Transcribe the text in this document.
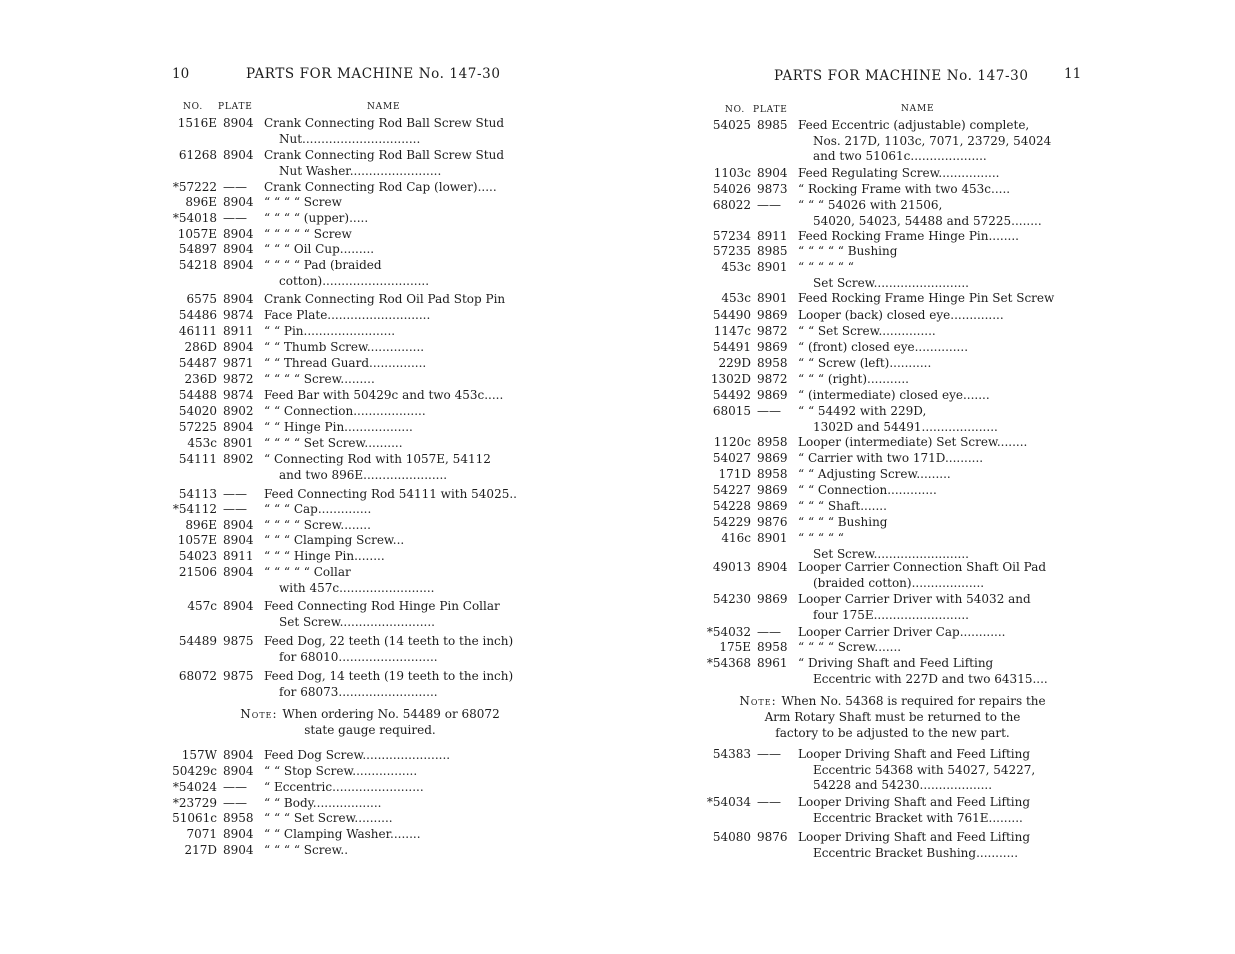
10	PARTS FOR MACHINE No. 147-30
NO. PLATE	NAME
1516E 8904 Crank Connecting Rod Ball Screw Stud
Nut...............................
61268 8904 Crank Connecting Rod Ball Screw Stud
Nut Washer........................
*57222 —— Crank Connecting Rod Cap (lower).....
896E 8904 “ “ “ “ Screw
*54018 —— “ “ “ “ (upper).....
1057E 8904 “ “ “ “ “ Screw
54897 8904 “ “ “ Oil Cup.........
54218 8904 “ “ “ “ Pad (braided
cotton)............................
6575 8904 Crank Connecting Rod Oil Pad Stop Pin
54486 9874 Face Plate...........................
46111 8911 “ “ Pin........................
286D 8904 “ “ Thumb Screw...............
54487 9871 “ “ Thread Guard...............
236D 9872 “ “ “ “ Screw.........
54488 9874 Feed Bar with 50429c and two 453c.....
54020 8902 “ “ Connection...................
57225 8904 “ “ Hinge Pin..................
453c 8901 “ “ “ “ Set Screw..........
54111 8902 “ Connecting Rod with 1057E, 54112
and two 896E......................
54113 —— Feed Connecting Rod 54111 with 54025..
*54112 —— “ “ “ Cap..............
896E 8904 “ “ “ “ Screw........
1057E 8904 “ “ “ Clamping Screw...
54023 8911 “ “ “ Hinge Pin........
21506 8904 “ “ “ “ “ Collar
with 457c.........................
457c 8904 Feed Connecting Rod Hinge Pin Collar
Set Screw.........................
54489 9875 Feed Dog, 22 teeth (14 teeth to the inch)
for 68010..........................
68072 9875 Feed Dog, 14 teeth (19 teeth to the inch)
for 68073..........................
157W 8904 Feed Dog Screw.......................
50429c 8904 “ “ Stop Screw.................
*54024 —— “ Eccentric........................
*23729 —— “ “ Body..................
51061c 8958 “ “ “ Set Screw..........
7071 8904 “ “ Clamping Washer........
217D 8904 “ “ “ “ Screw..
Note: When ordering No. 54489 or 68072
state gauge required.
PARTS FOR MACHINE No. 147-30	11
NO. PLATE	NAME
54025 8985 Feed Eccentric (adjustable) complete,
Nos. 217D, 1103c, 7071, 23729, 54024
and two 51061c....................
1103c 8904 Feed Regulating Screw................
54026 9873 “ Rocking Frame with two 453c.....
68022 —— “ “ “ 54026 with 21506,
54020, 54023, 54488 and 57225........
57234 8911 Feed Rocking Frame Hinge Pin........
57235 8985 “ “ “ “ “ Bushing
453c 8901 “ “ “ “ “ “
Set Screw.........................
453c 8901 Feed Rocking Frame Hinge Pin Set Screw
54490 9869 Looper (back) closed eye..............
1147c 9872 “ “ Set Screw...............
54491 9869 “ (front) closed eye..............
229D 8958 “ “ Screw (left)...........
1302D 9872 “ “ “ (right)...........
54492 9869 “ (intermediate) closed eye.......
68015 —— “ “ 54492 with 229D,
1302D and 54491....................
1120c 8958 Looper (intermediate) Set Screw........
54027 9869 “ Carrier with two 171D..........
171D 8958 “ “ Adjusting Screw.........
54227 9869 “ “ Connection.............
54228 9869 “ “ “ Shaft.......
54229 9876 “ “ “ “ Bushing
416c 8901 “ “ “ “ “
Set Screw.........................
49013 8904 Looper Carrier Connection Shaft Oil Pad
(braided cotton)...................
54230 9869 Looper Carrier Driver with 54032 and
four 175E.........................
*54032 —— Looper Carrier Driver Cap............
175E 8958 “ “ “ “ Screw.......
*54368 8961 “ Driving Shaft and Feed Lifting
Eccentric with 227D and two 64315....
54383 —— Looper Driving Shaft and Feed Lifting
Eccentric 54368 with 54027, 54227,
54228 and 54230...................
*54034 —— Looper Driving Shaft and Feed Lifting
Eccentric Bracket with 761E.........
54080 9876 Looper Driving Shaft and Feed Lifting
Eccentric Bracket Bushing...........
Note: When No. 54368 is required for repairs the
Arm Rotary Shaft must be returned to the
factory to be adjusted to the new part.
